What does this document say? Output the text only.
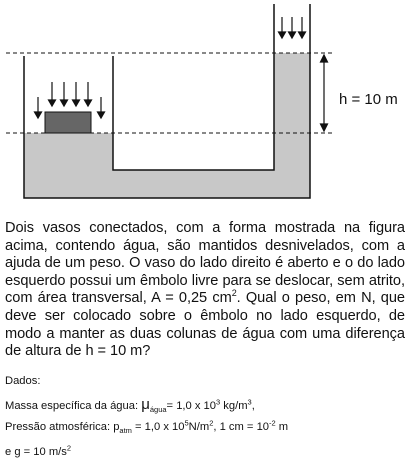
h = 10 m
Dois vasos conectados, com a forma mostrada na figura acima, contendo água, são mantidos desnivelados, com a ajuda de um peso. O vaso do lado direito é aberto e o do lado esquerdo possui um êmbolo livre para se deslocar, sem atrito, com área transversal, A = 0,25 $cm^2$. Qual o peso, em N, que deve ser colocado sobre o êmbolo no lado esquerdo, de modo a manter as duas colunas de água com uma diferença de altura de h = 10 m?
Dados:
Massa específica da água: $\mu_{água}= 1,0$ x $10^3$ $kg/m^3$,
Pressão atmosférica: $p_{atm} = 1,0$ x $10^5N/m^2$, 1 cm = $10^{-2}$ m
e g = 10 $m/s^2$
